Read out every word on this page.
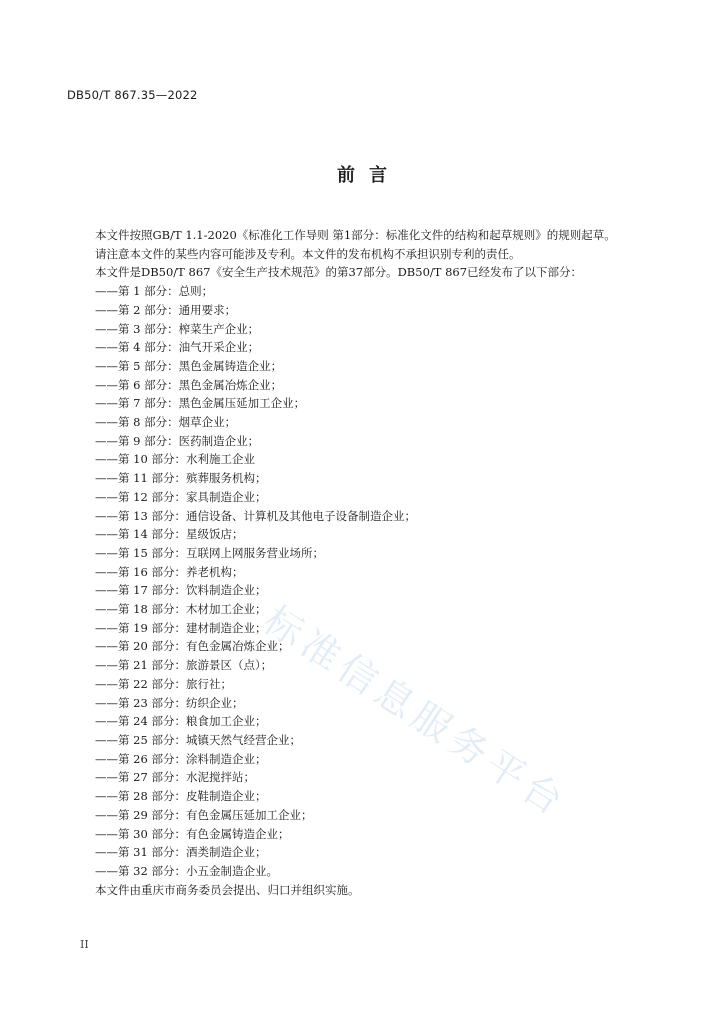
DB50/T 867.35—2022
前言

本文件按照GB/T 1.1-2020《标准化工作导则 第1部分：标准化文件的结构和起草规则》的规则起草。

请注意本文件的某些内容可能涉及专利。本文件的发布机构不承担识别专利的责任。

本文件是DB50/T 867《安全生产技术规范》的第37部分。DB50/T 867已经发布了以下部分：

——第 1 部分：总则；
——第 2 部分：通用要求；
——第 3 部分：榨菜生产企业；
——第 4 部分：油气开采企业；
——第 5 部分：黑色金属铸造企业；
——第 6 部分：黑色金属冶炼企业；
——第 7 部分：黑色金属压延加工企业；
——第 8 部分：烟草企业；
——第 9 部分：医药制造企业；
——第 10 部分：水利施工企业
——第 11 部分：殡葬服务机构；
——第 12 部分：家具制造企业；
——第 13 部分：通信设备、计算机及其他电子设备制造企业；
——第 14 部分：星级饭店；
——第 15 部分：互联网上网服务营业场所；
——第 16 部分：养老机构；
——第 17 部分：饮料制造企业；
——第 18 部分：木材加工企业；
——第 19 部分：建材制造企业；
——第 20 部分：有色金属冶炼企业；
——第 21 部分：旅游景区（点）；
——第 22 部分：旅行社；
——第 23 部分：纺织企业；
——第 24 部分：粮食加工企业；
——第 25 部分：城镇天然气经营企业；
——第 26 部分：涂料制造企业；
——第 27 部分：水泥搅拌站；
——第 28 部分：皮鞋制造企业；
——第 29 部分：有色金属压延加工企业；
——第 30 部分：有色金属铸造企业；
——第 31 部分：酒类制造企业；
——第 32 部分：小五金制造企业。

本文件由重庆市商务委员会提出、归口并组织实施。

标准信息服务平台
II
